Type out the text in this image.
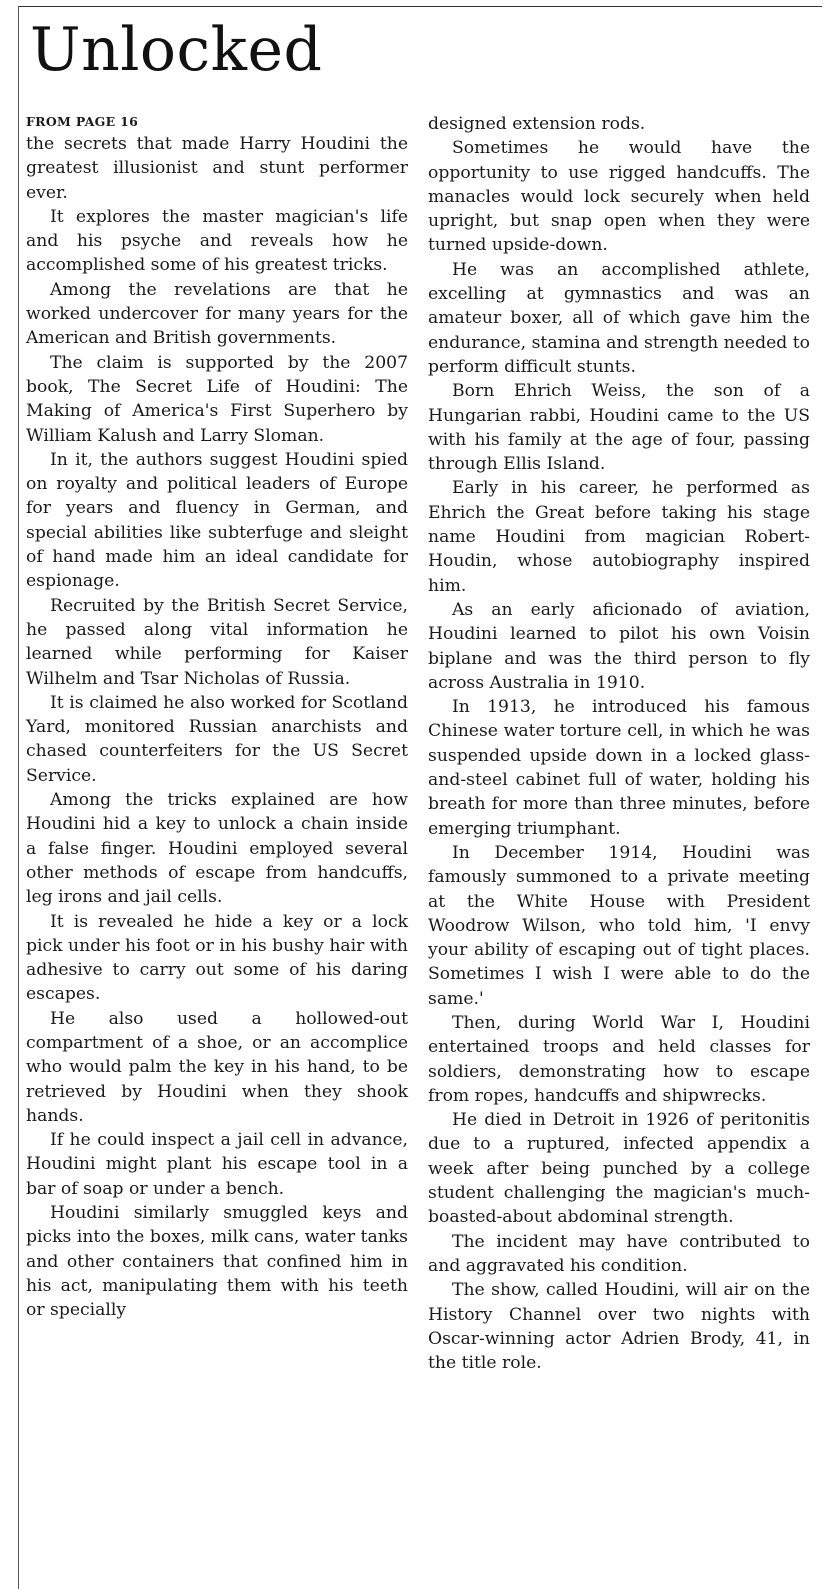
Unlocked
FROM PAGE 16

the secrets that made Harry Houdini the greatest illusionist and stunt performer ever.

It explores the master magician's life and his psyche and reveals how he accomplished some of his greatest tricks.

Among the revelations are that he worked undercover for many years for the American and British governments.

The claim is supported by the 2007 book, The Secret Life of Houdini: The Making of America's First Superhero by William Kalush and Larry Sloman.

In it, the authors suggest Houdini spied on royalty and political leaders of Europe for years and fluency in German, and special abilities like subterfuge and sleight of hand made him an ideal candidate for espionage.

Recruited by the British Secret Service, he passed along vital information he learned while performing for Kaiser Wilhelm and Tsar Nicholas of Russia.

It is claimed he also worked for Scotland Yard, monitored Russian anarchists and chased counterfeiters for the US Secret Service.

Among the tricks explained are how Houdini hid a key to unlock a chain inside a false finger. Houdini employed several other methods of escape from handcuffs, leg irons and jail cells.

It is revealed he hide a key or a lock pick under his foot or in his bushy hair with adhesive to carry out some of his daring escapes.

He also used a hollowed-out compartment of a shoe, or an accomplice who would palm the key in his hand, to be retrieved by Houdini when they shook hands.

If he could inspect a jail cell in advance, Houdini might plant his escape tool in a bar of soap or under a bench.

Houdini similarly smuggled keys and picks into the boxes, milk cans, water tanks and other containers that confined him in his act, manipulating them with his teeth or specially

designed extension rods.

Sometimes he would have the opportunity to use rigged handcuffs. The manacles would lock securely when held upright, but snap open when they were turned upside-down.

He was an accomplished athlete, excelling at gymnastics and was an amateur boxer, all of which gave him the endurance, stamina and strength needed to perform difficult stunts.

Born Ehrich Weiss, the son of a Hungarian rabbi, Houdini came to the US with his family at the age of four, passing through Ellis Island.

Early in his career, he performed as Ehrich the Great before taking his stage name Houdini from magician Robert-Houdin, whose autobiography inspired him.

As an early aficionado of aviation, Houdini learned to pilot his own Voisin biplane and was the third person to fly across Australia in 1910.

In 1913, he introduced his famous Chinese water torture cell, in which he was suspended upside down in a locked glass-and-steel cabinet full of water, holding his breath for more than three minutes, before emerging triumphant.

In December 1914, Houdini was famously summoned to a private meeting at the White House with President Woodrow Wilson, who told him, 'I envy your ability of escaping out of tight places. Sometimes I wish I were able to do the same.'

Then, during World War I, Houdini entertained troops and held classes for soldiers, demonstrating how to escape from ropes, handcuffs and shipwrecks.

He died in Detroit in 1926 of peritonitis due to a ruptured, infected appendix a week after being punched by a college student challenging the magician's much-boasted-about abdominal strength.

The incident may have contributed to and aggravated his condition.

The show, called Houdini, will air on the History Channel over two nights with Oscar-winning actor Adrien Brody, 41, in the title role.
